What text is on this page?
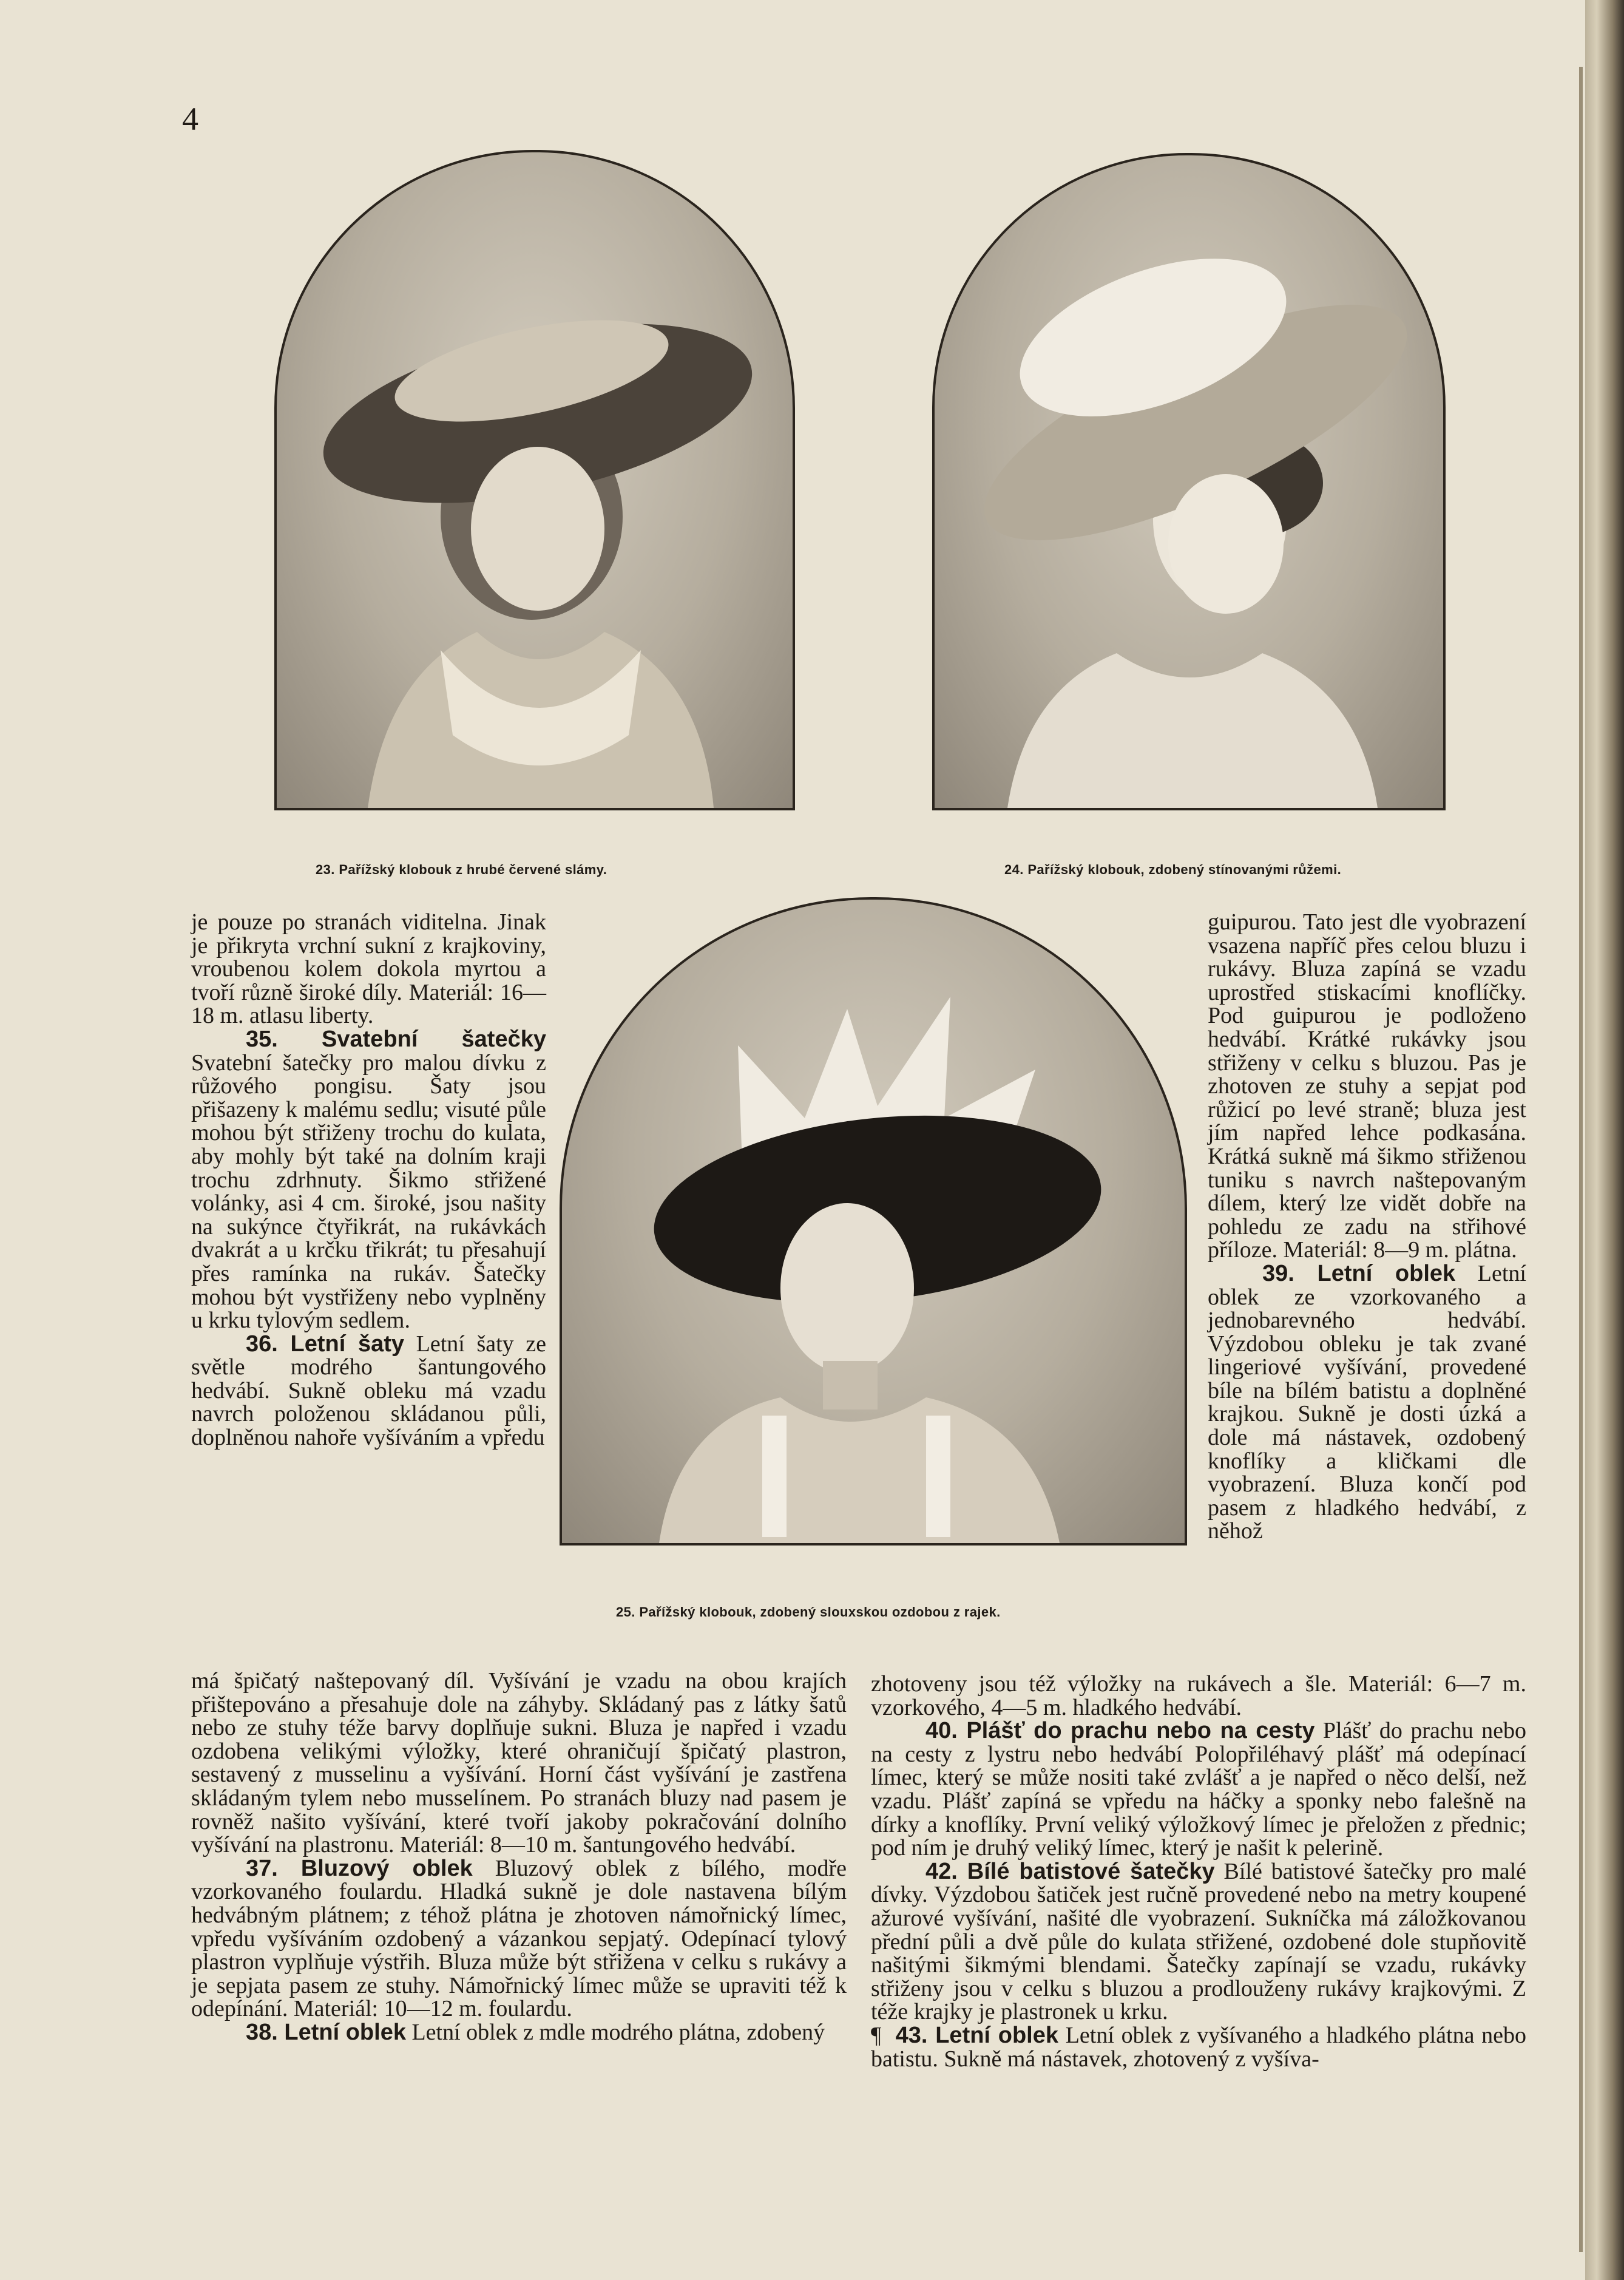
4
23. Pařížský klobouk z hrubé červené slámy.	24. Pařížský klobouk, zdobený stínovanými růžemi.
25. Pařížský klobouk, zdobený slouxskou ozdobou z rajek.

je pouze po stranách viditelna. Jinak je přikryta vrchní sukní z krajkoviny, vroubenou kolem dokola myrtou a tvoří různě široké díly. Materiál: 16—18 m. atlasu liberty.

35. Svatební šatečky Svatební šatečky pro malou dívku z růžového pongisu. Šaty jsou přišazeny k malému sedlu; visuté půle mohou být střiženy trochu do kulata, aby mohly být také na dolním kraji trochu zdrhnuty. Šikmo střižené volánky, asi 4 cm. široké, jsou našity na sukýnce čtyřikrát, na rukávkách dvakrát a u krčku třikrát; tu přesahují přes ramínka na rukáv. Šatečky mohou být vystřiženy nebo vyplněny u krku tylovým sedlem.

36. Letní šaty Letní šaty ze světle modrého šantungového hedvábí. Sukně obleku má vzadu navrch položenou skládanou půli, doplněnou nahoře vyšíváním a vpředu

má špičatý naštepovaný díl. Vyšívání je vzadu na obou krajích přištepováno a přesahuje dole na záhyby. Skládaný pas z látky šatů nebo ze stuhy téže barvy doplňuje sukni. Bluza je napřed i vzadu ozdobena velikými výložky, které ohraničují špičatý plastron, sestavený z musselinu a vyšívání. Horní část vyšívání je zastřena skládaným tylem nebo musselínem. Po stranách bluzy nad pasem je rovněž našito vyšívání, které tvoří jakoby pokračování dolního vyšívání na plastronu. Materiál: 8—10 m. šantungového hedvábí.

37. Bluzový oblek Bluzový oblek z bílého, modře vzorkovaného foulardu. Hladká sukně je dole nastavena bílým hedvábným plátnem; z téhož plátna je zhotoven námořnický límec, vpředu vyšíváním ozdobený a vázankou sepjatý. Odepínací tylový plastron vyplňuje výstřih. Bluza může být střižena v celku s rukávy a je sepjata pasem ze stuhy. Námořnický límec může se upraviti též k odepínání. Materiál: 10—12 m. foulardu.

38. Letní oblek Letní oblek z mdle modrého plátna, zdobený

guipurou. Tato jest dle vyobrazení vsazena napříč přes celou bluzu i rukávy. Bluza zapíná se vzadu uprostřed stiskacími knoflíčky. Pod guipurou je podloženo hedvábí. Krátké rukávky jsou střiženy v celku s bluzou. Pas je zhotoven ze stuhy a sepjat pod růžicí po levé straně; bluza jest jím napřed lehce podkasána. Krátká sukně má šikmo střiženou tuniku s navrch naštepovaným dílem, který lze vidět dobře na pohledu ze zadu na střihové příloze. Materiál: 8—9 m. plátna.

39. Letní oblek Letní oblek ze vzorkovaného a jednobarevného hedvábí. Výzdobou obleku je tak zvané lingeriové vyšívání, provedené bíle na bílém batistu a doplněné krajkou. Sukně je dosti úzká a dole má nástavek, ozdobený knoflíky a kličkami dle vyobrazení. Bluza končí pod pasem z hladkého hedvábí, z něhož

zhotoveny jsou též výložky na rukávech a šle. Materiál: 6—7 m. vzorkového, 4—5 m. hladkého hedvábí.

40. Plášť do prachu nebo na cesty Plášť do prachu nebo na cesty z lystru nebo hedvábí Polopřiléhavý plášť má odepínací límec, který se může nositi také zvlášť a je napřed o něco delší, než vzadu. Plášť zapíná se vpředu na háčky a sponky nebo falešně na dírky a knoflíky. První veliký výložkový límec je přeložen z přednic; pod ním je druhý veliký límec, který je našit k pelerině.

42. Bílé batistové šatečky Bílé batistové šatečky pro malé dívky. Výzdobou šatiček jest ručně provedené nebo na metry koupené ažurové vyšívání, našité dle vyobrazení. Sukníčka má záložkovanou přední půli a dvě půle do kulata střižené, ozdobené dole stupňovitě našitými šikmými blendami. Šatečky zapínají se vzadu, rukávky střiženy jsou v celku s bluzou a prodlouženy rukávy krajkovými. Z téže krajky je plastronek u krku.

¶ 43. Letní oblek Letní oblek z vyšívaného a hladkého plátna nebo batistu. Sukně má nástavek, zhotovený z vyšíva-
